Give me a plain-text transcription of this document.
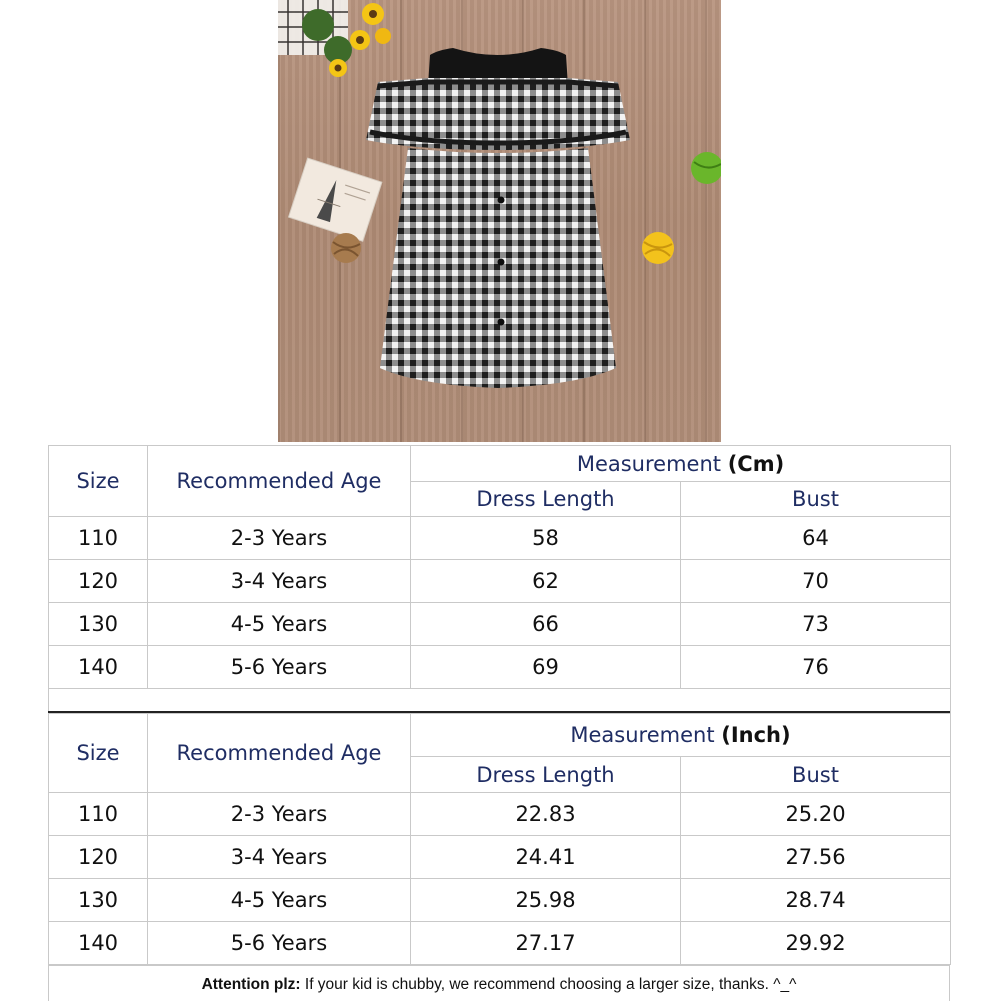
Size	Recommended Age	Measurement (Cm)	
		Dress Length	Bust
110	2-3 Years	58	64
120	3-4 Years	62	70
130	4-5 Years	66	73
140	5-6 Years	69	76

Size	Recommended Age	Measurement (Inch)	
		Dress Length	Bust
110	2-3 Years	22.83	25.20
120	3-4 Years	24.41	27.56
130	4-5 Years	25.98	28.74
140	5-6 Years	27.17	29.92
Attention plz: If your kid is chubby, we recommend choosing a larger size, thanks. ^_^
